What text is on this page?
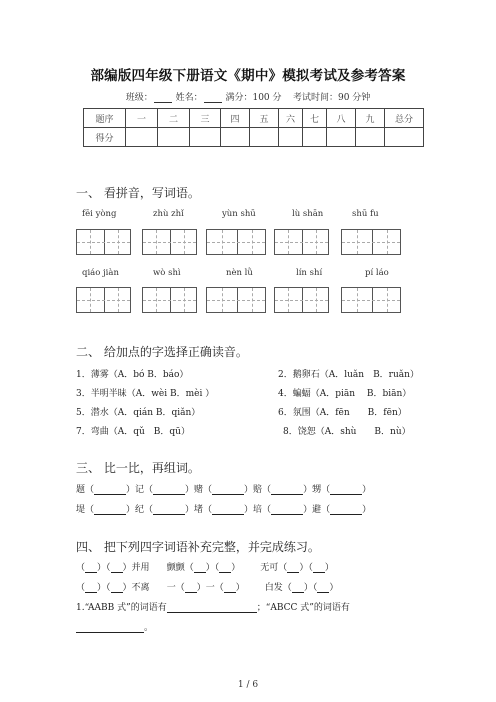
部编版四年级下册语文《期中》模拟考试及参考答案
班级：	姓名：	满分：100 分 考试时间：90 分钟
题序	一	二	三	四	五	六	七	八	九	总分
得分										
一、 看拼音，写词语。
fēi yòng	zhù zhǐ	yùn shū	lù shān	shū fu
qiáo jiàn	wò shì	nèn lǜ	lín shí	pí láo
二、 给加点的字选择正确读音。
1．薄雾（A．bó B．báo）	2．鹅卵石（A．luǎn　B．ruǎn）
3．半明半昧（A．wèi B．mèi ）	4．蝙蝠（A．piān　 B．biān）
5．潜水（A．qián B．qiǎn）	6．氛围（A．fēn　　B．fēn）
7．弯曲（A．qǔ　B．qū）	8．饶恕（A．shù　　B．nù）
三、 比一比，再组词。
题（	）记（	）赌（	）赔（	）甥（	）
堤（	）纪（	）堵（	）培（	）避（	）
四、 把下列四字词语补充完整，并完成练习。
（ ）（ ）并用 颤颤（ ）（ ） 无可（ ）（ ）
（ ）（ ）不离 一（ ）一（ ） 白发（ ）（ ）
1.“AABB 式”的词语有	；“ABCC 式”的词语有
。
1 / 6
